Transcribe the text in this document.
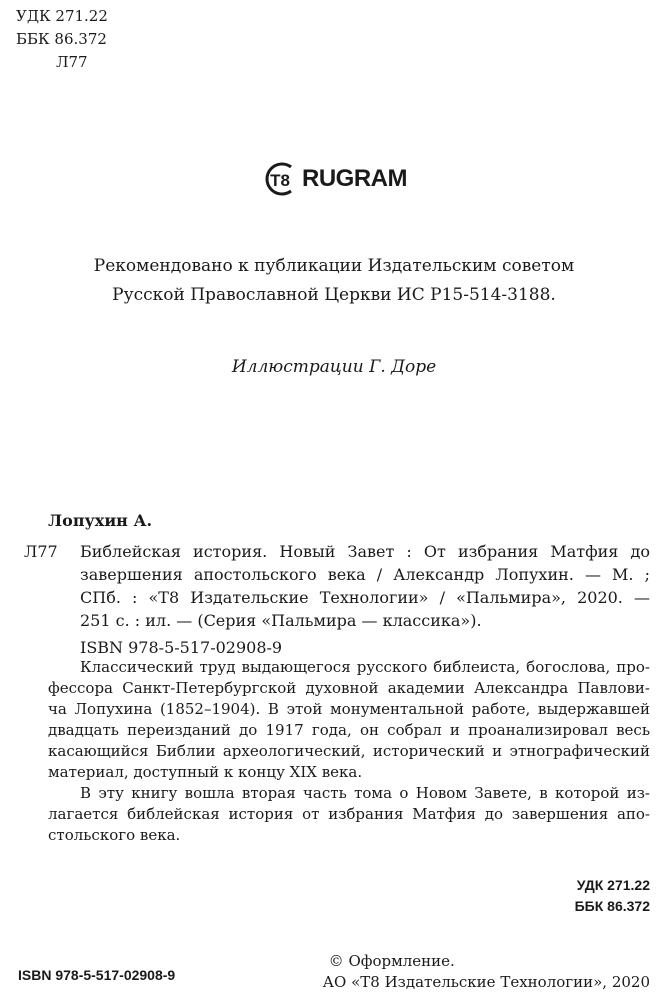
УДК 271.22
ББК 86.372
Л77
T8 RUGRAM
Рекомендовано к публикации Издательским советом
Русской Православной Церкви ИС Р15-514-3188.
Иллюстрации Г. Доре
Лопухин А.
Л77	Библейская история. Новый Завет : От избрания Матфия до
завершения апостольского века / Александр Лопухин. — М. ;
СПб. : «Т8 Издательские Технологии» / «Пальмира», 2020. —
251 с. : ил. — (Серия «Пальмира — классика»).
ISBN 978-5-517-02908-9

Классический труд выдающегося русского библеиста, богослова, про-

фессора Санкт-Петербургской духовной академии Александра Павлови-

ча Лопухина (1852–1904). В этой монументальной работе, выдержавшей

двадцать переизданий до 1917 года, он собрал и проанализировал весь

касающийся Библии археологический, исторический и этнографический

материал, доступный к концу XIX века.

В эту книгу вошла вторая часть тома о Новом Завете, в которой из-

лагается библейская история от избрания Матфия до завершения апо-

стольского века.

УДК 271.22
ББК 86.372
ISBN 978-5-517-02908-9
© Оформление.
АО «Т8 Издательские Технологии», 2020
